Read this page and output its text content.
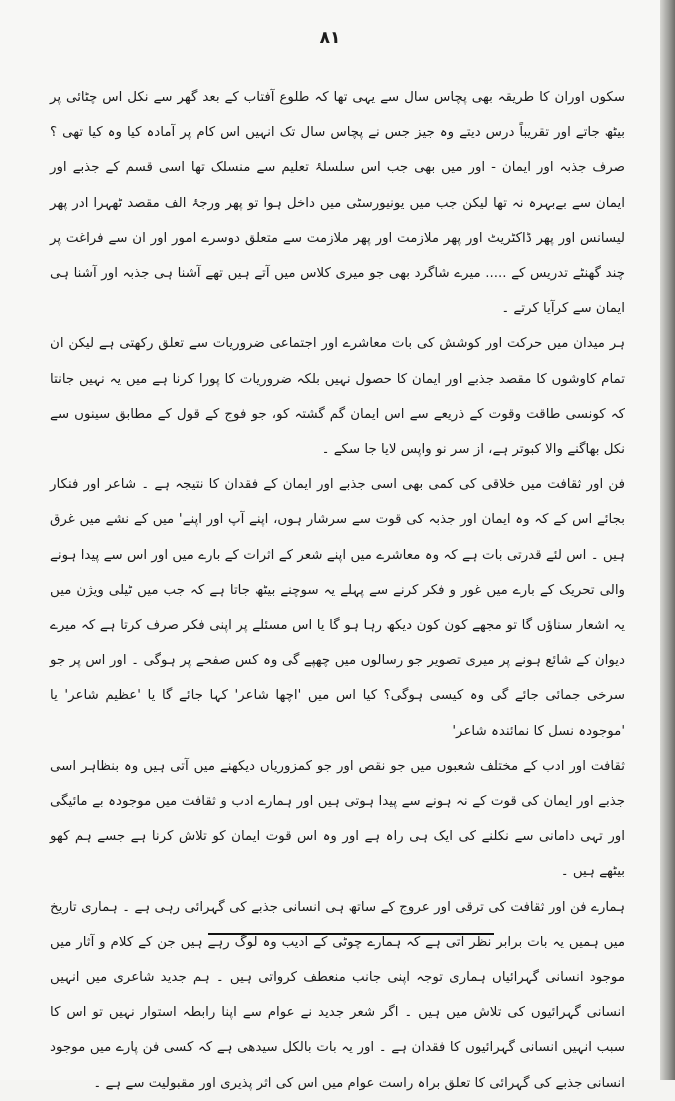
۸۱

سکوں اوران کا طریقہ بھی پچاس سال سے یہی تھا کہ طلوع آفتاب کے بعد گھر سے نکل اس چٹائی پر بیٹھ جاتے اور تقریباً درس دیتے وہ جیز جس نے پچاس سال تک انہیں اس کام پر آمادہ کیا وہ کیا تھی ؟ صرف جذبہ اور ایمان - اور میں بھی جب اس سلسلۂ تعلیم سے منسلک تھا اسی قسم کے جذبے اور ایمان سے بےبہرہ نہ تھا لیکن جب میں یونیورسٹی میں داخل ہوا تو پھر ورجۂ الف مقصد ٹھہرا ادر پھر لیسانس اور پھر ڈاکٹریٹ اور پھر ملازمت اور پھر ملازمت سے متعلق دوسرے امور اور ان سے فراغت پر چند گھنٹے تدریس کے ..... میرے شاگرد بھی جو میری کلاس میں آتے ہیں تھے آشنا ہی جذبہ اور آشنا ہی ایمان سے کرآیا کرتے ۔

ہر میدان میں حرکت اور کوشش کی بات معاشرے اور اجتماعی ضروریات سے تعلق رکھتی ہے لیکن ان تمام کاوشوں کا مقصد جذبے اور ایمان کا حصول نہیں بلکہ ضروریات کا پورا کرنا ہے میں یہ نہیں جانتا کہ کونسی طاقت وقوت کے ذریعے سے اس ایمان گم گشتہ کو، جو فوج کے قول کے مطابق سینوں سے نکل بھاگنے والا کبوتر ہے، از سر نو واپس لایا جا سکے ۔

فن اور ثقافت میں خلاقی کی کمی بھی اسی جذبے اور ایمان کے فقدان کا نتیجہ ہے ۔ شاعر اور فنکار بجائے اس کے کہ وہ ایمان اور جذبہ کی قوت سے سرشار ہوں، اپنے آپ اور اپنے' میں کے نشے میں غرق ہیں ۔ اس لئے قدرتی بات ہے کہ وہ معاشرے میں اپنے شعر کے اثرات کے بارے میں اور اس سے پیدا ہونے والی تحریک کے بارے میں غور و فکر کرنے سے پہلے یہ سوچنے بیٹھ جاتا ہے کہ جب میں ٹیلی ویژن میں یہ اشعار سناؤں گا تو مجھے کون کون دیکھ رہا ہو گا یا اس مسئلے پر اپنی فکر صرف کرتا ہے کہ میرے دیوان کے شائع ہونے پر میری تصویر جو رسالوں میں چھپے گی وہ کس صفحے پر ہوگی ۔ اور اس پر جو سرخی جمائی جائے گی وہ کیسی ہوگی؟ کیا اس میں 'اچھا شاعر' کہا جائے گا یا 'عظیم شاعر' یا 'موجودہ نسل کا نمائندہ شاعر'

ثقافت اور ادب کے مختلف شعبوں میں جو نقص اور جو کمزوریاں دیکھنے میں آتی ہیں وہ بنظاہر اسی جذبے اور ایمان کی قوت کے نہ ہونے سے پیدا ہوتی ہیں اور ہمارے ادب و ثقافت میں موجودہ بے مائیگی اور تہی دامانی سے نکلنے کی ایک ہی راہ ہے اور وہ اس قوت ایمان کو تلاش کرنا ہے جسے ہم کھو بیٹھے ہیں ۔

ہمارے فن اور ثقافت کی ترقی اور عروج کے ساتھ ہی انسانی جذبے کی گہرائی رہی ہے ۔ ہماری تاریخ میں ہمیں یہ بات برابر نظر آتی ہے کہ ہمارے چوٹی کے ادیب وہ لوگ رہے ہیں جن کے کلام و آثار میں موجود انسانی گہرائیاں ہماری توجہ اپنی جانب منعطف کرواتی ہیں ۔ ہم جدید شاعری میں انہیں انسانی گہرائیوں کی تلاش میں ہیں ۔ اگر شعر جدید نے عوام سے اپنا رابطہ استوار نہیں تو اس کا سبب انہیں انسانی گہرائیوں کا فقدان ہے ۔ اور یہ بات بالکل سیدھی ہے کہ کسی فن پارے میں موجود انسانی جذبے کی گہرائی کا تعلق براہ راست عوام میں اس کی اثر پذیری اور مقبولیت سے ہے ۔
